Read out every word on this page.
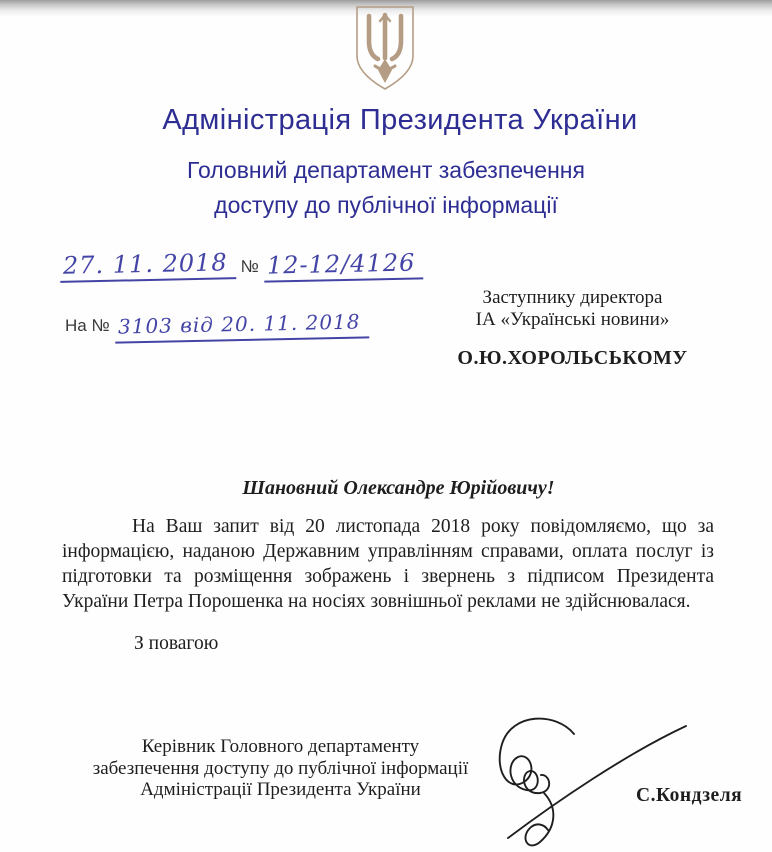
Адміністрація Президента України
Головний департамент забезпечення
доступу до публічної інформації
27. 11. 2018 № 12-12/4126
На № 3103 від 20. 11. 2018
Заступнику директора
ІА «Українські новини»
О.Ю.ХОРОЛЬСЬКОМУ
Шановний Олександре Юрійовичу!

На Ваш запит від 20 листопада 2018 року повідомляємо, що за інформацією, наданою Державним управлінням справами, оплата послуг із підготовки та розміщення зображень і звернень з підписом Президента України Петра Порошенка на носіях зовнішньої реклами не здійснювалася.

З повагою
Керівник Головного департаменту
забезпечення доступу до публічної інформації
Адміністрації Президента України	С.Кондзеля
